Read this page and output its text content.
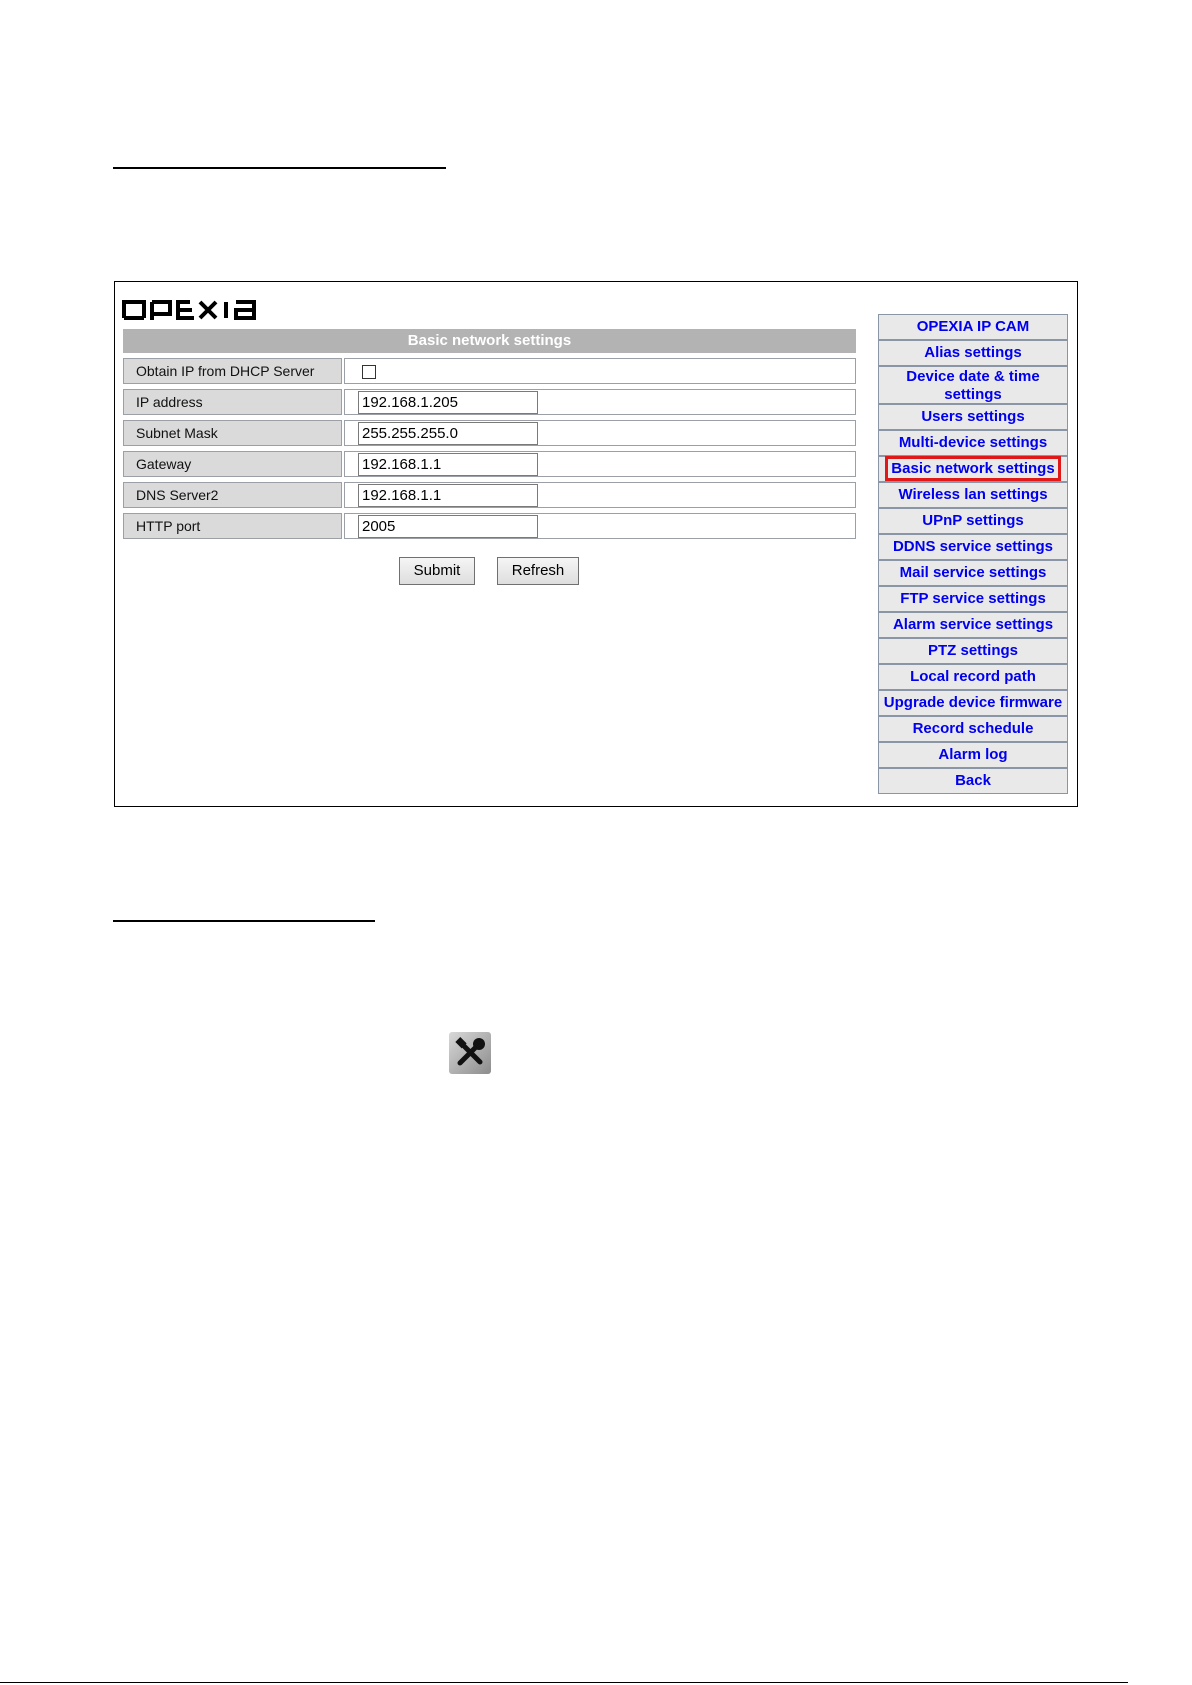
Basic network settings
Obtain IP from DHCP Server
IP address	192.168.1.205
Subnet Mask	255.255.255.0
Gateway	192.168.1.1
DNS Server2	192.168.1.1
HTTP port	2005
Submit	Refresh
OPEXIA IP CAM
Alias settings
Device date & time
settings
Users settings
Multi-device settings
Basic network settings
Wireless lan settings
UPnP settings
DDNS service settings
Mail service settings
FTP service settings
Alarm service settings
PTZ settings
Local record path
Upgrade device firmware
Record schedule
Alarm log
Back
